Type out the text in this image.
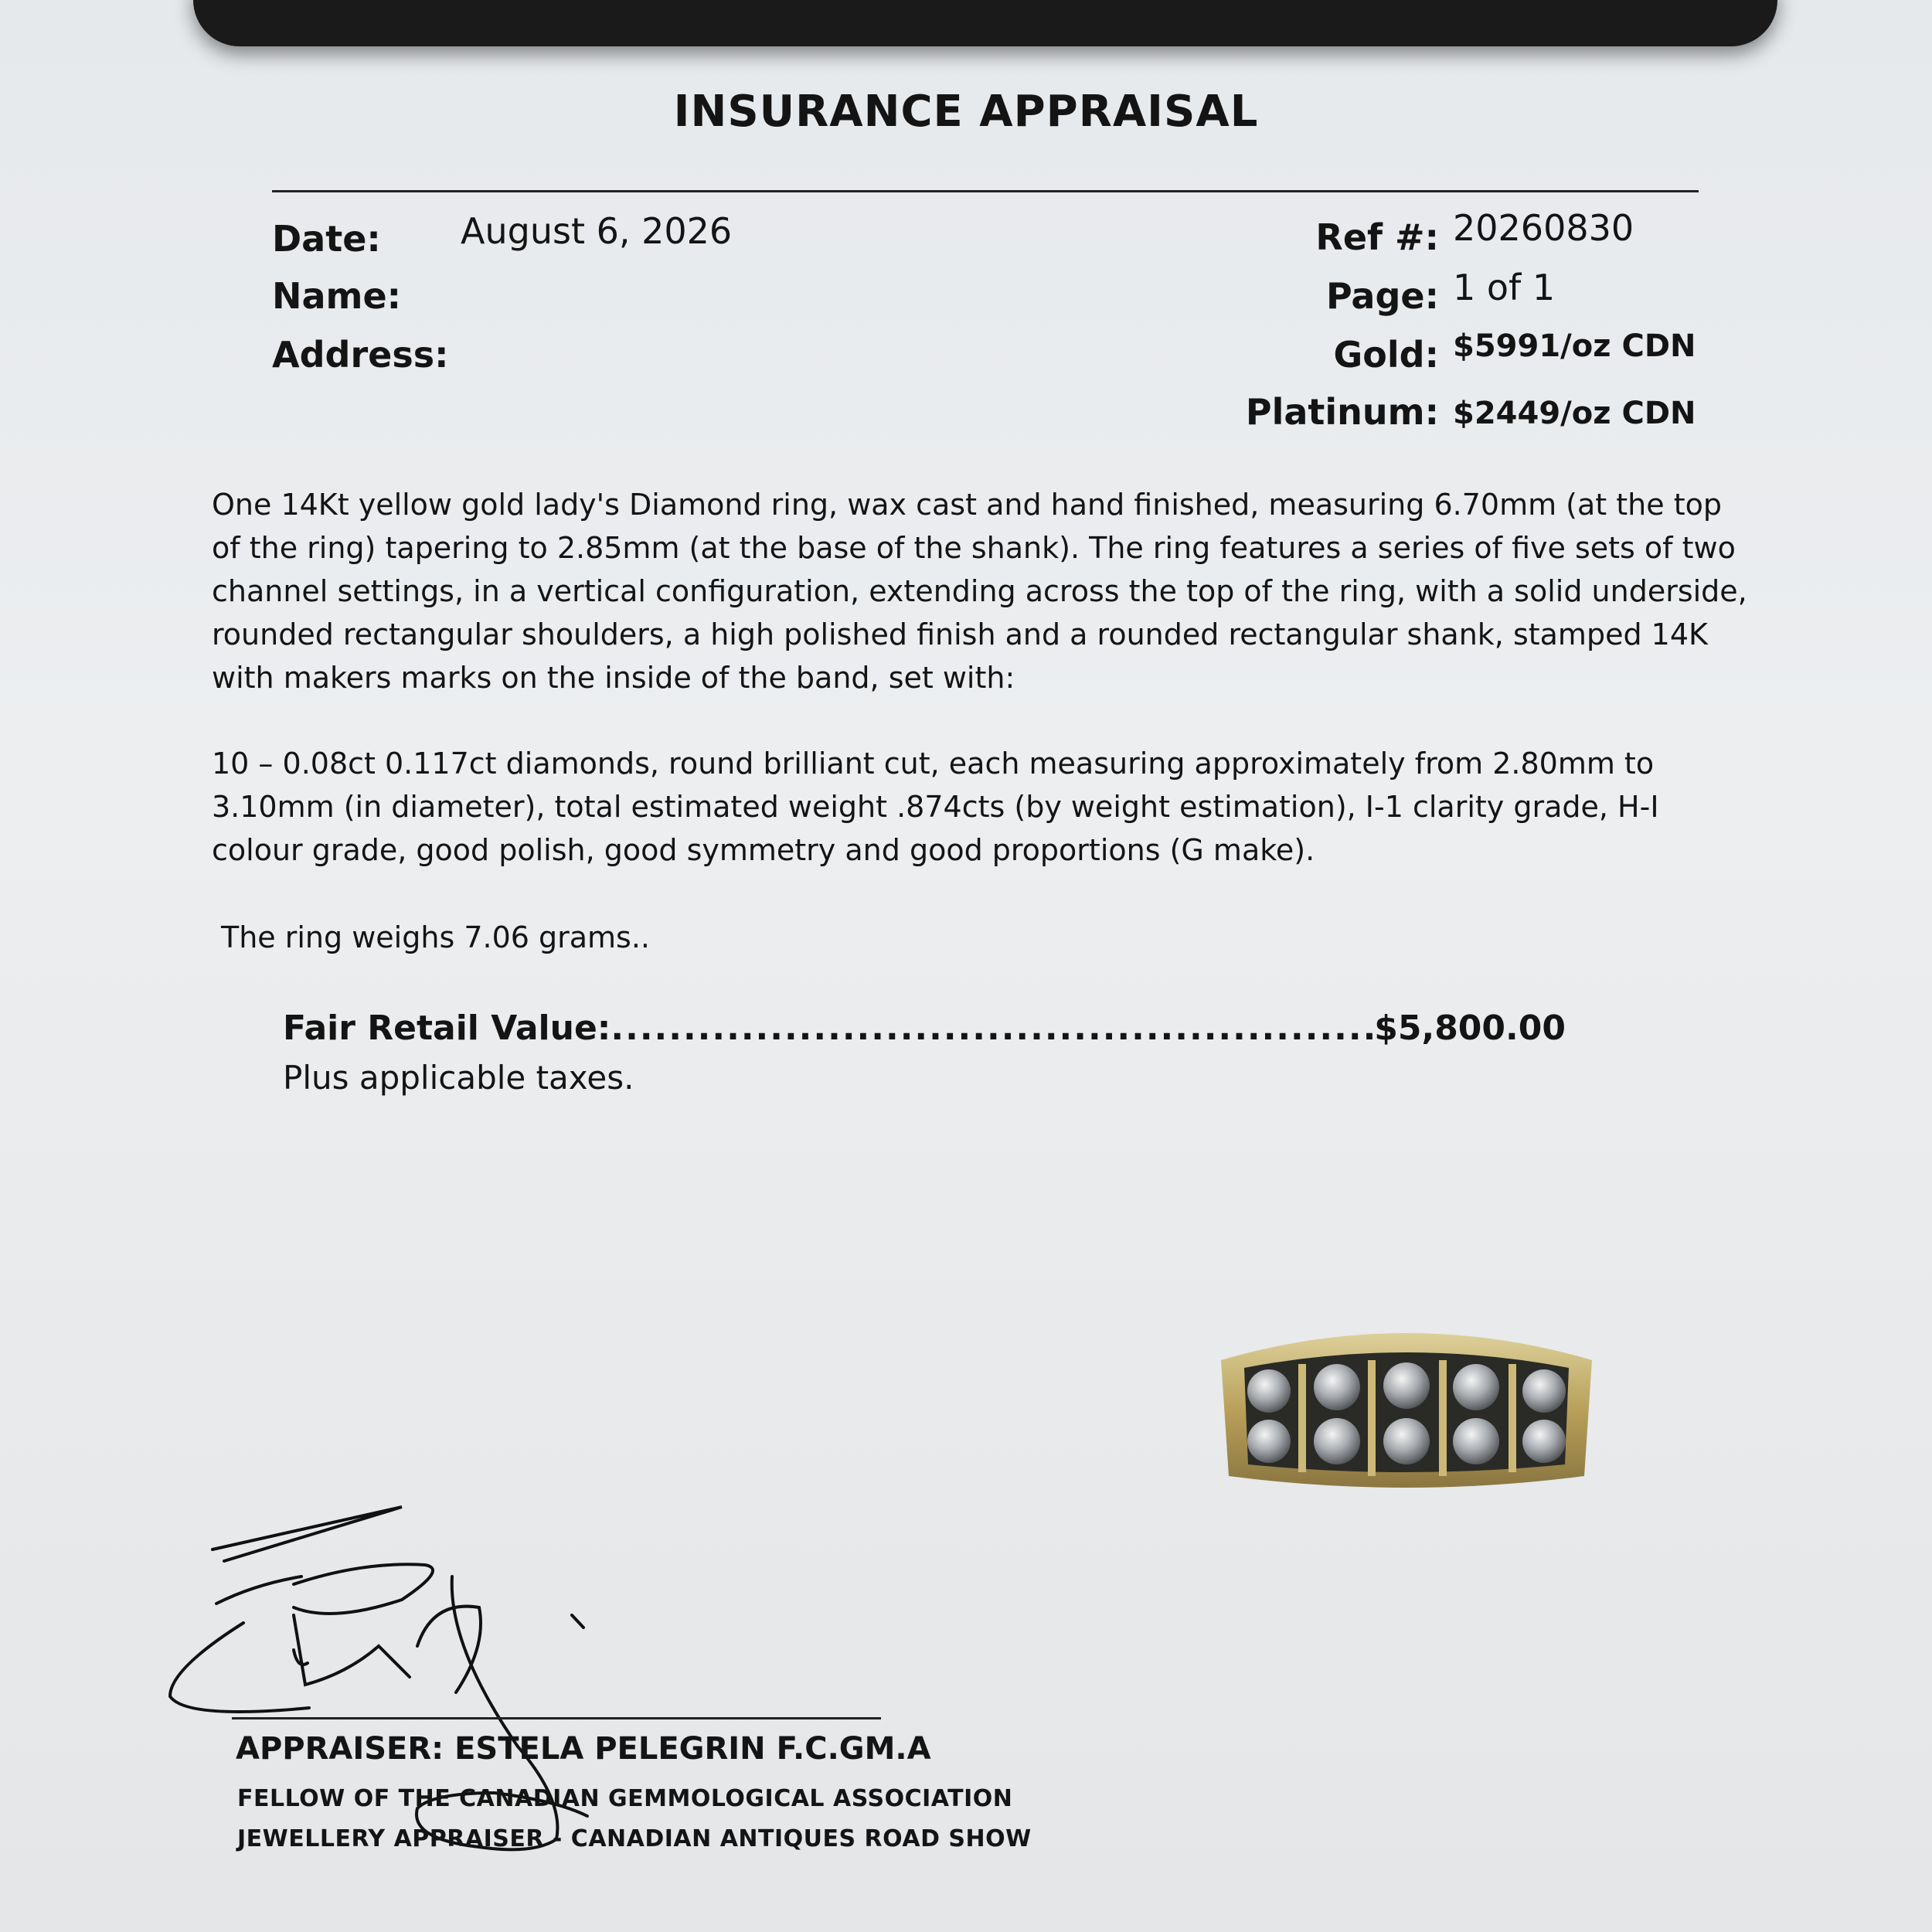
INSURANCE APPRAISAL
Date: August 6, 2026
Name:
Address:
Ref #: 20260830
Page: 1 of 1
Gold: $5991/oz CDN
Platinum: $2449/oz CDN

One 14Kt yellow gold lady's Diamond ring, wax cast and hand finished, measuring 6.70mm (at the top of the ring) tapering to 2.85mm (at the base of the shank). The ring features a series of five sets of two channel settings, in a vertical configuration, extending across the top of the ring, with a solid underside, rounded rectangular shoulders, a high polished finish and a rounded rectangular shank, stamped 14K with makers marks on the inside of the band, set with:

10 – 0.08ct 0.117ct diamonds, round brilliant cut, each measuring approximately from 2.80mm to 3.10mm (in diameter), total estimated weight .874cts (by weight estimation), I-1 clarity grade, H-I colour grade, good polish, good symmetry and good proportions (G make).

The ring weighs 7.06 grams..

Fair Retail Value:
.....	$5,800.00
Plus applicable taxes.
APPRAISER: ESTELA PELEGRIN F.C.GM.A
FELLOW OF THE CANADIAN GEMMOLOGICAL ASSOCIATION
JEWELLERY APPRAISER - CANADIAN ANTIQUES ROAD SHOW
